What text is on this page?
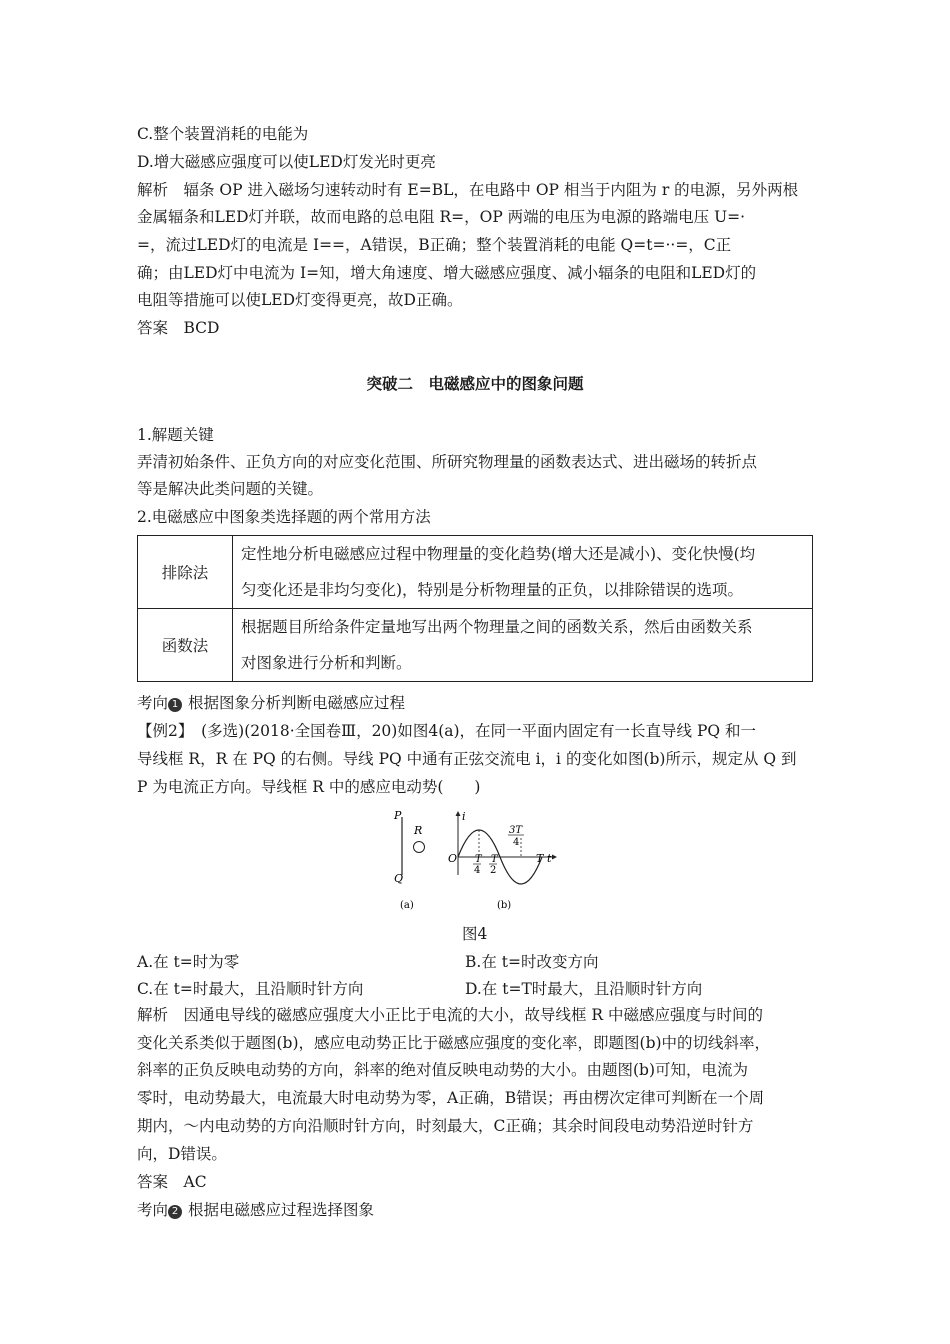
C.整个装置消耗的电能为
D.增大磁感应强度可以使LED灯发光时更亮
解析　辐条 OP 进入磁场匀速转动时有 E=BL，在电路中 OP 相当于内阻为 r 的电源，另外两根
金属辐条和LED灯并联，故而电路的总电阻 R=，OP 两端的电压为电源的路端电压 U=·
=，流过LED灯的电流是 I==，A错误，B正确；整个装置消耗的电能 Q=t=··=，C正
确；由LED灯中电流为 I=知，增大角速度、增大磁感应强度、减小辐条的电阻和LED灯的
电阻等措施可以使LED灯变得更亮，故D正确。
答案　BCD
突破二　电磁感应中的图象问题
1.解题关键
弄清初始条件、正负方向的对应变化范围、所研究物理量的函数表达式、进出磁场的转折点
等是解决此类问题的关键。
2.电磁感应中图象类选择题的两个常用方法
排除法	定性地分析电磁感应过程中物理量的变化趋势(增大还是减小)、变化快慢(均
匀变化还是非均匀变化)，特别是分析物理量的正负，以排除错误的选项。

函数法	根据题目所给条件定量地写出两个物理量之间的函数关系，然后由函数关系
对图象进行分析和判断。
考向 1 根据图象分析判断电磁感应过程
【例2】　(多选)(2018·全国卷Ⅲ，20)如图4(a)，在同一平面内固定有一长直导线 PQ 和一
导线框 R，R 在 PQ 的右侧。导线 PQ 中通有正弦交流电 i，i 的变化如图(b)所示，规定从 Q 到
P 为电流正方向。导线框 R 中的感应电动势(　　)
P
Q
R
i
O	t
T
4
T
2
3T
4
T
(a)	(b)
图4
A.在 t=时为零	B.在 t=时改变方向
C.在 t=时最大，且沿顺时针方向	D.在 t=T时最大，且沿顺时针方向
解析　因通电导线的磁感应强度大小正比于电流的大小，故导线框 R 中磁感应强度与时间的
变化关系类似于题图(b)，感应电动势正比于磁感应强度的变化率，即题图(b)中的切线斜率，
斜率的正负反映电动势的方向，斜率的绝对值反映电动势的大小。由题图(b)可知，电流为
零时，电动势最大，电流最大时电动势为零，A正确，B错误；再由楞次定律可判断在一个周
期内，～内电动势的方向沿顺时针方向，时刻最大，C正确；其余时间段电动势沿逆时针方
向，D错误。
答案　AC
考向 2 根据电磁感应过程选择图象
